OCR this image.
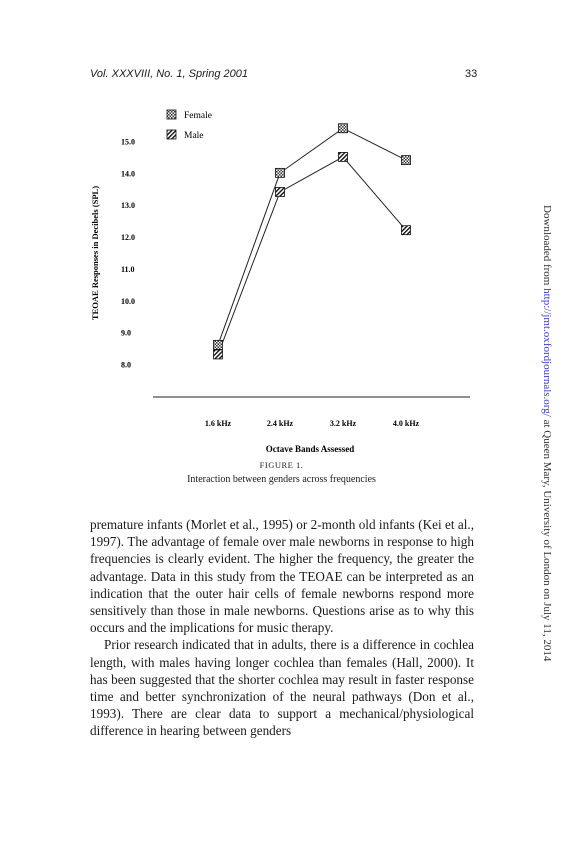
Vol. XXXVIII, No. 1, Spring 2001	33
Female
Male
15.0
14.0
13.0
12.0
11.0
10.0
9.0
8.0
TEOAE Responses in Decibels (SPL)
1.6 kHz	2.4 kHz	3.2 kHz	4.0 kHz
Octave Bands Assessed
FIGURE 1.
Interaction between genders across frequencies

premature infants (Morlet et al., 1995) or 2-month old infants (Kei et al., 1997). The advantage of female over male newborns in response to high frequencies is clearly evident. The higher the frequency, the greater the advantage. Data in this study from the TEOAE can be interpreted as an indication that the outer hair cells of female newborns respond more sensitively than those in male newborns. Questions arise as to why this occurs and the implications for music therapy.

Prior research indicated that in adults, there is a difference in cochlea length, with males having longer cochlea than females (Hall, 2000). It has been suggested that the shorter cochlea may result in faster response time and better synchronization of the neural pathways (Don et al., 1993). There are clear data to support a mechanical/physiological difference in hearing between genders

Downloaded from http://jmt.oxfordjournals.org/ at Queen Mary, University of London on July 11, 2014
